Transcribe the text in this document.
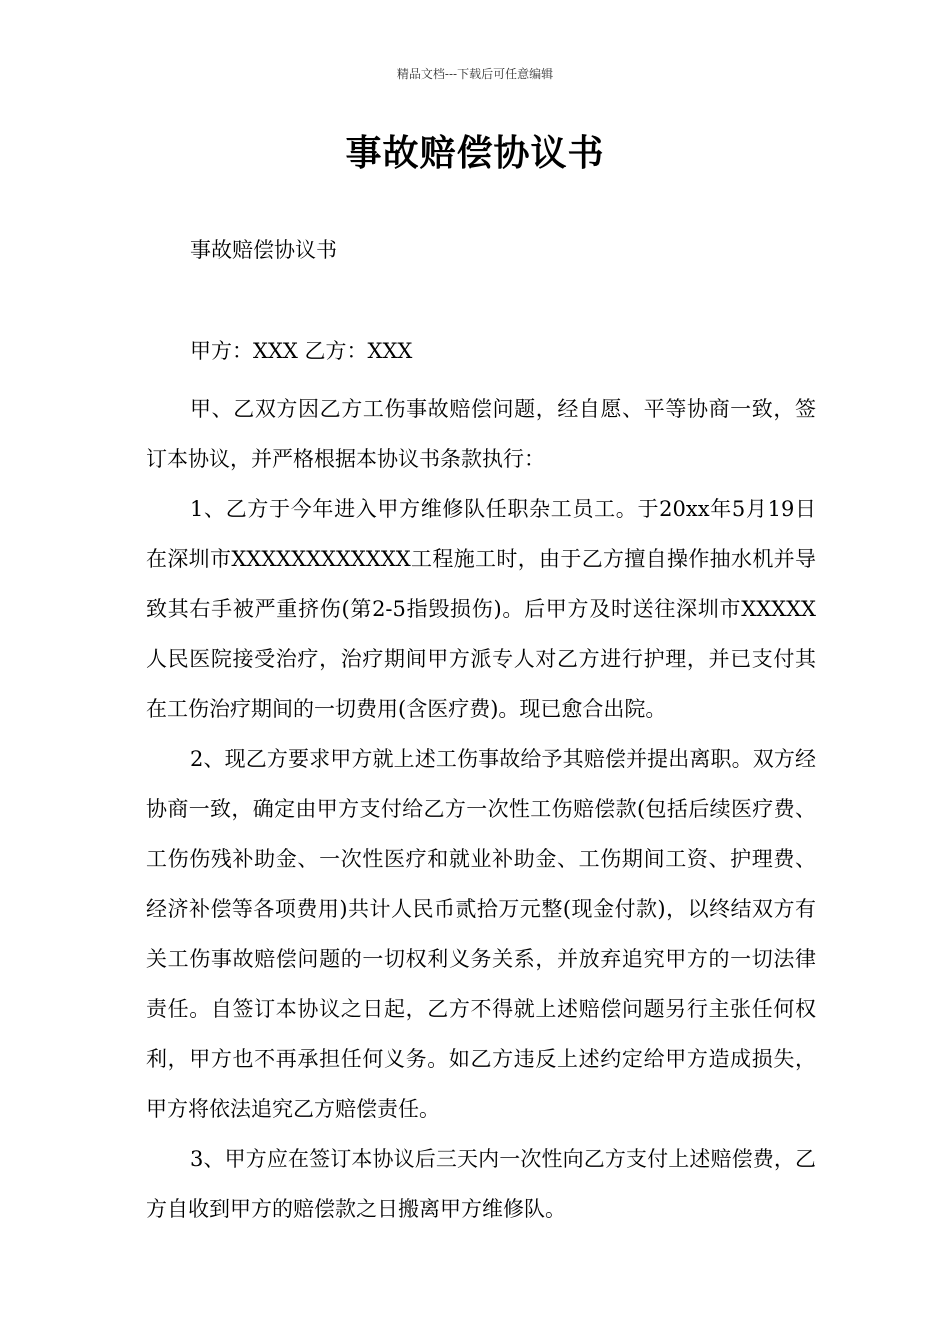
精品文档---下载后可任意编辑
事故赔偿协议书
事故赔偿协议书
甲方：XXX 乙方：XXX

甲、乙双方因乙方工伤事故赔偿问题，经自愿、平等协商一致，签订本协议，并严格根据本协议书条款执行：

1、乙方于今年进入甲方维修队任职杂工员工。于20xx年5月19日在深圳市XXXXXXXXXXXX工程施工时，由于乙方擅自操作抽水机并导致其右手被严重挤伤(第2-5指毁损伤)。后甲方及时送往深圳市XXXXX人民医院接受治疗，治疗期间甲方派专人对乙方进行护理，并已支付其在工伤治疗期间的一切费用(含医疗费)。现已愈合出院。

2、现乙方要求甲方就上述工伤事故给予其赔偿并提出离职。双方经协商一致，确定由甲方支付给乙方一次性工伤赔偿款(包括后续医疗费、工伤伤残补助金、一次性医疗和就业补助金、工伤期间工资、护理费、经济补偿等各项费用)共计人民币贰拾万元整(现金付款)，以终结双方有关工伤事故赔偿问题的一切权利义务关系，并放弃追究甲方的一切法律责任。自签订本协议之日起，乙方不得就上述赔偿问题另行主张任何权利，甲方也不再承担任何义务。如乙方违反上述约定给甲方造成损失，甲方将依法追究乙方赔偿责任。

3、甲方应在签订本协议后三天内一次性向乙方支付上述赔偿费，乙方自收到甲方的赔偿款之日搬离甲方维修队。
